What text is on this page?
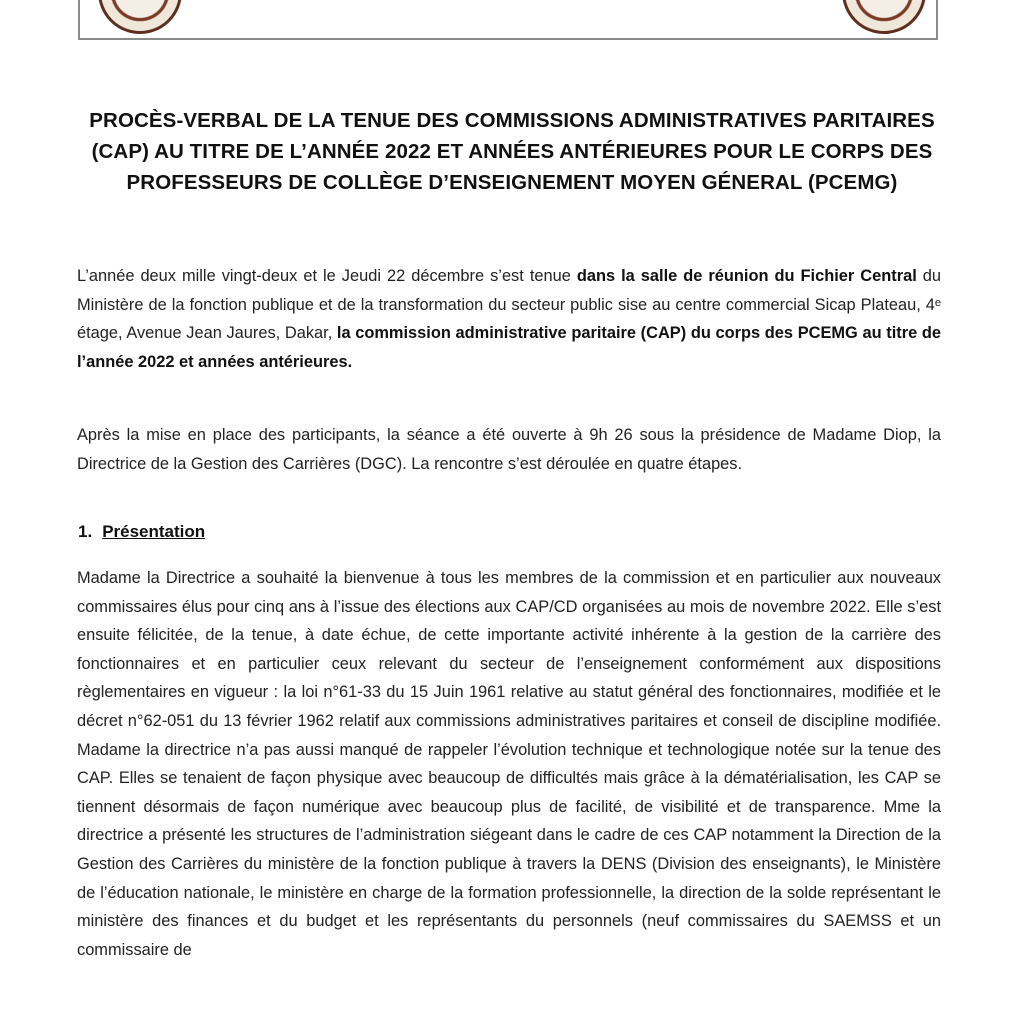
PROCÈS-VERBAL DE LA TENUE DES COMMISSIONS ADMINISTRATIVES PARITAIRES (CAP) AU TITRE DE L’ANNÉE 2022 ET ANNÉES ANTÉRIEURES POUR LE CORPS DES PROFESSEURS DE COLLÈGE D’ENSEIGNEMENT MOYEN GÉNERAL (PCEMG)
L’année deux mille vingt-deux et le Jeudi 22 décembre s’est tenue dans la salle de réunion du Fichier Central du Ministère de la fonction publique et de la transformation du secteur public sise au centre commercial Sicap Plateau, 4ᵉ étage, Avenue Jean Jaures, Dakar, la commission administrative paritaire (CAP) du corps des PCEMG au titre de l’année 2022 et années antérieures.
Après la mise en place des participants, la séance a été ouverte à 9h 26 sous la présidence de Madame Diop, la Directrice de la Gestion des Carrières (DGC). La rencontre s’est déroulée en quatre étapes.
1. Présentation
Madame la Directrice a souhaité la bienvenue à tous les membres de la commission et en particulier aux nouveaux commissaires élus pour cinq ans à l’issue des élections aux CAP/CD organisées au mois de novembre 2022. Elle s’est ensuite félicitée, de la tenue, à date échue, de cette importante activité inhérente à la gestion de la carrière des fonctionnaires et en particulier ceux relevant du secteur de l’enseignement conformément aux dispositions règlementaires en vigueur : la loi n°61-33 du 15 Juin 1961 relative au statut général des fonctionnaires, modifiée et le décret n°62-051 du 13 février 1962 relatif aux commissions administratives paritaires et conseil de discipline modifiée. Madame la directrice n’a pas aussi manqué de rappeler l’évolution technique et technologique notée sur la tenue des CAP. Elles se tenaient de façon physique avec beaucoup de difficultés mais grâce à la dématérialisation, les CAP se tiennent désormais de façon numérique avec beaucoup plus de facilité, de visibilité et de transparence. Mme la directrice a présenté les structures de l’administration siégeant dans le cadre de ces CAP notamment la Direction de la Gestion des Carrières du ministère de la fonction publique à travers la DENS (Division des enseignants), le Ministère de l’éducation nationale, le ministère en charge de la formation professionnelle, la direction de la solde représentant le ministère des finances et du budget et les représentants du personnels (neuf commissaires du SAEMSS et un commissaire de
